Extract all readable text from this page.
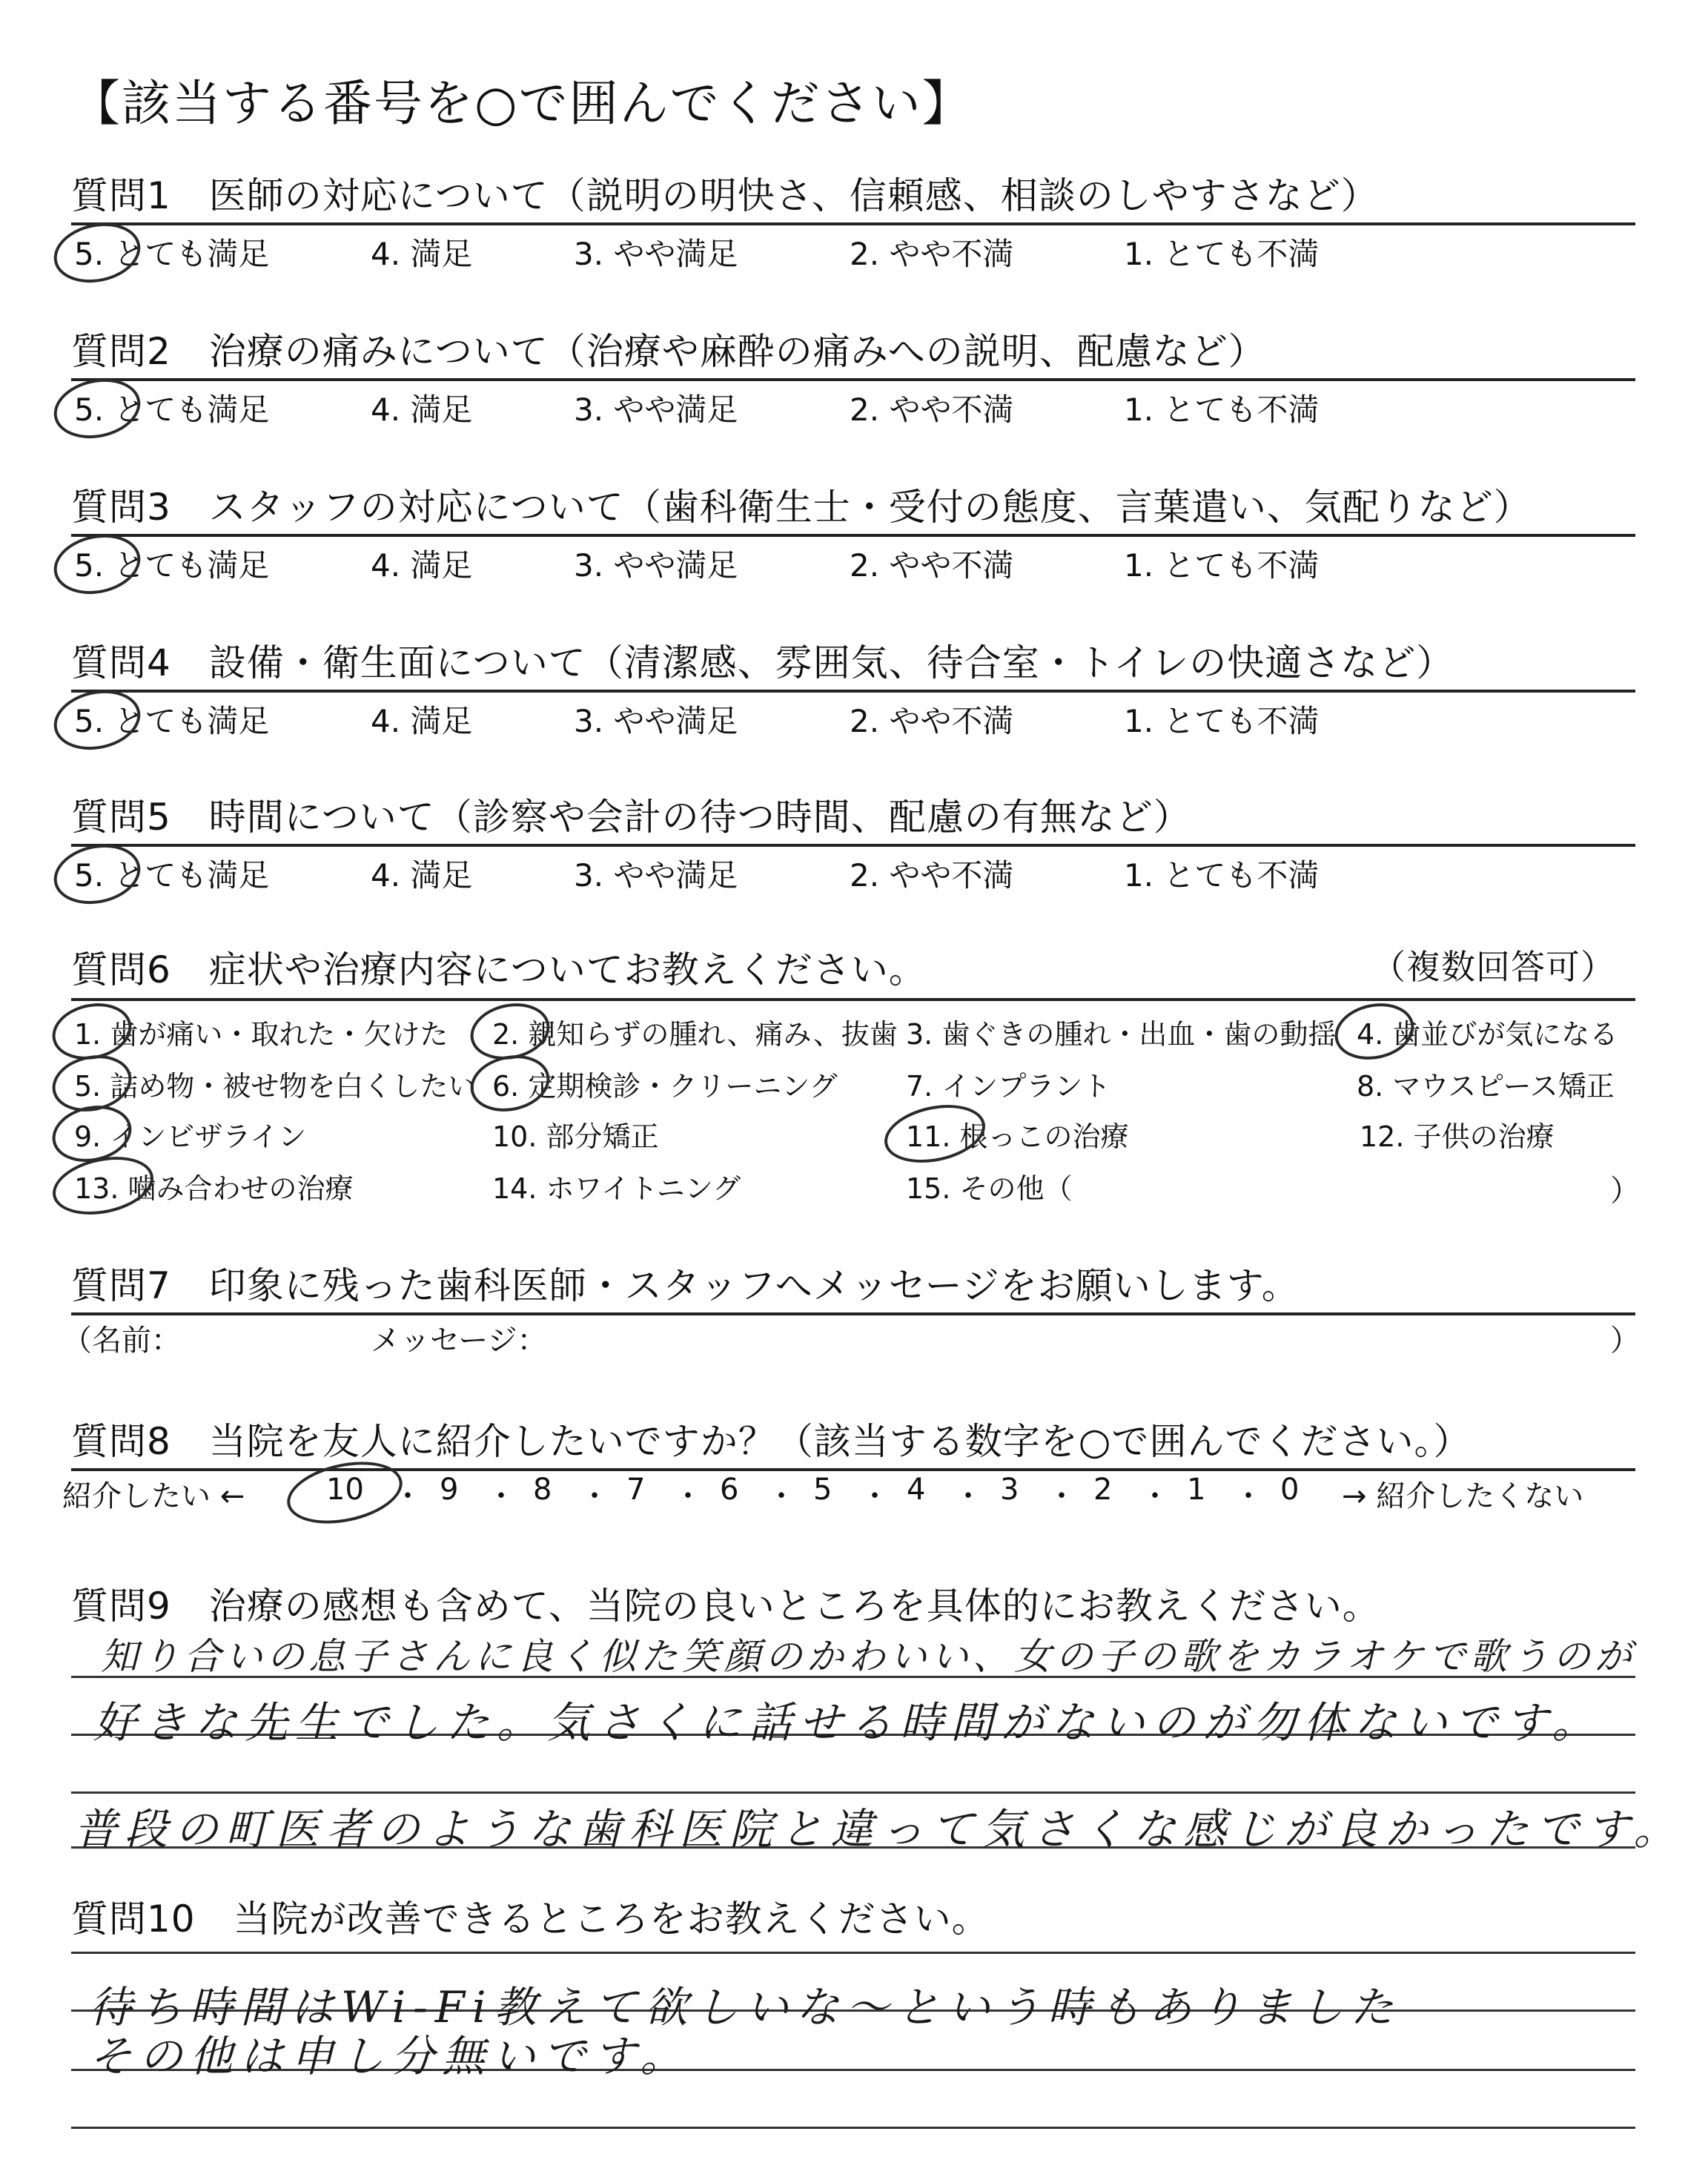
【該当する番号を○で囲んでください】
質問1　医師の対応について（説明の明快さ、信頼感、相談のしやすさなど）
5. とても満足	4. 満足	3. やや満足	2. やや不満	1. とても不満
質問2　治療の痛みについて（治療や麻酔の痛みへの説明、配慮など）
5. とても満足	4. 満足	3. やや満足	2. やや不満	1. とても不満
質問3　スタッフの対応について（歯科衛生士・受付の態度、言葉遣い、気配りなど）
5. とても満足	4. 満足	3. やや満足	2. やや不満	1. とても不満
質問4　設備・衛生面について（清潔感、雰囲気、待合室・トイレの快適さなど）
5. とても満足	4. 満足	3. やや満足	2. やや不満	1. とても不満
質問5　時間について（診察や会計の待つ時間、配慮の有無など）
5. とても満足	4. 満足	3. やや満足	2. やや不満	1. とても不満
質問6　症状や治療内容についてお教えください。	（複数回答可）
1. 歯が痛い・取れた・欠けた 2. 親知らずの腫れ、痛み、抜歯 3. 歯ぐきの腫れ・出血・歯の動揺 4. 歯並びが気になる
5. 詰め物・被せ物を白くしたい 6. 定期検診・クリーニング 7. インプラント	8. マウスピース矯正
9. インビザライン	10. 部分矯正	11. 根っこの治療	12. 子供の治療
13. 噛み合わせの治療	14. ホワイトニング	15. その他（	）
質問7　印象に残った歯科医師・スタッフへメッセージをお願いします。
（名前：	メッセージ：	）
質問8　当院を友人に紹介したいですか？（該当する数字を○で囲んでください。）
紹介したい ←	10 ・ 9 ・ 8 ・ 7 ・ 6 ・ 5 ・ 4 ・ 3 ・ 2 ・ 1 ・ 0 → 紹介したくない
質問9　治療の感想も含めて、当院の良いところを具体的にお教えください。
知り合いの息子さんに良く似た笑顔のかわいい、女の子の歌をカラオケで歌うのが
好きな先生でした。気さくに話せる時間がないのが勿体ないです。
普段の町医者のような歯科医院と違って気さくな感じが良かったです。
質問10　当院が改善できるところをお教えください。
待ち時間はWi-Fi教えて欲しいな～という時もありました
その他は申し分無いです。
